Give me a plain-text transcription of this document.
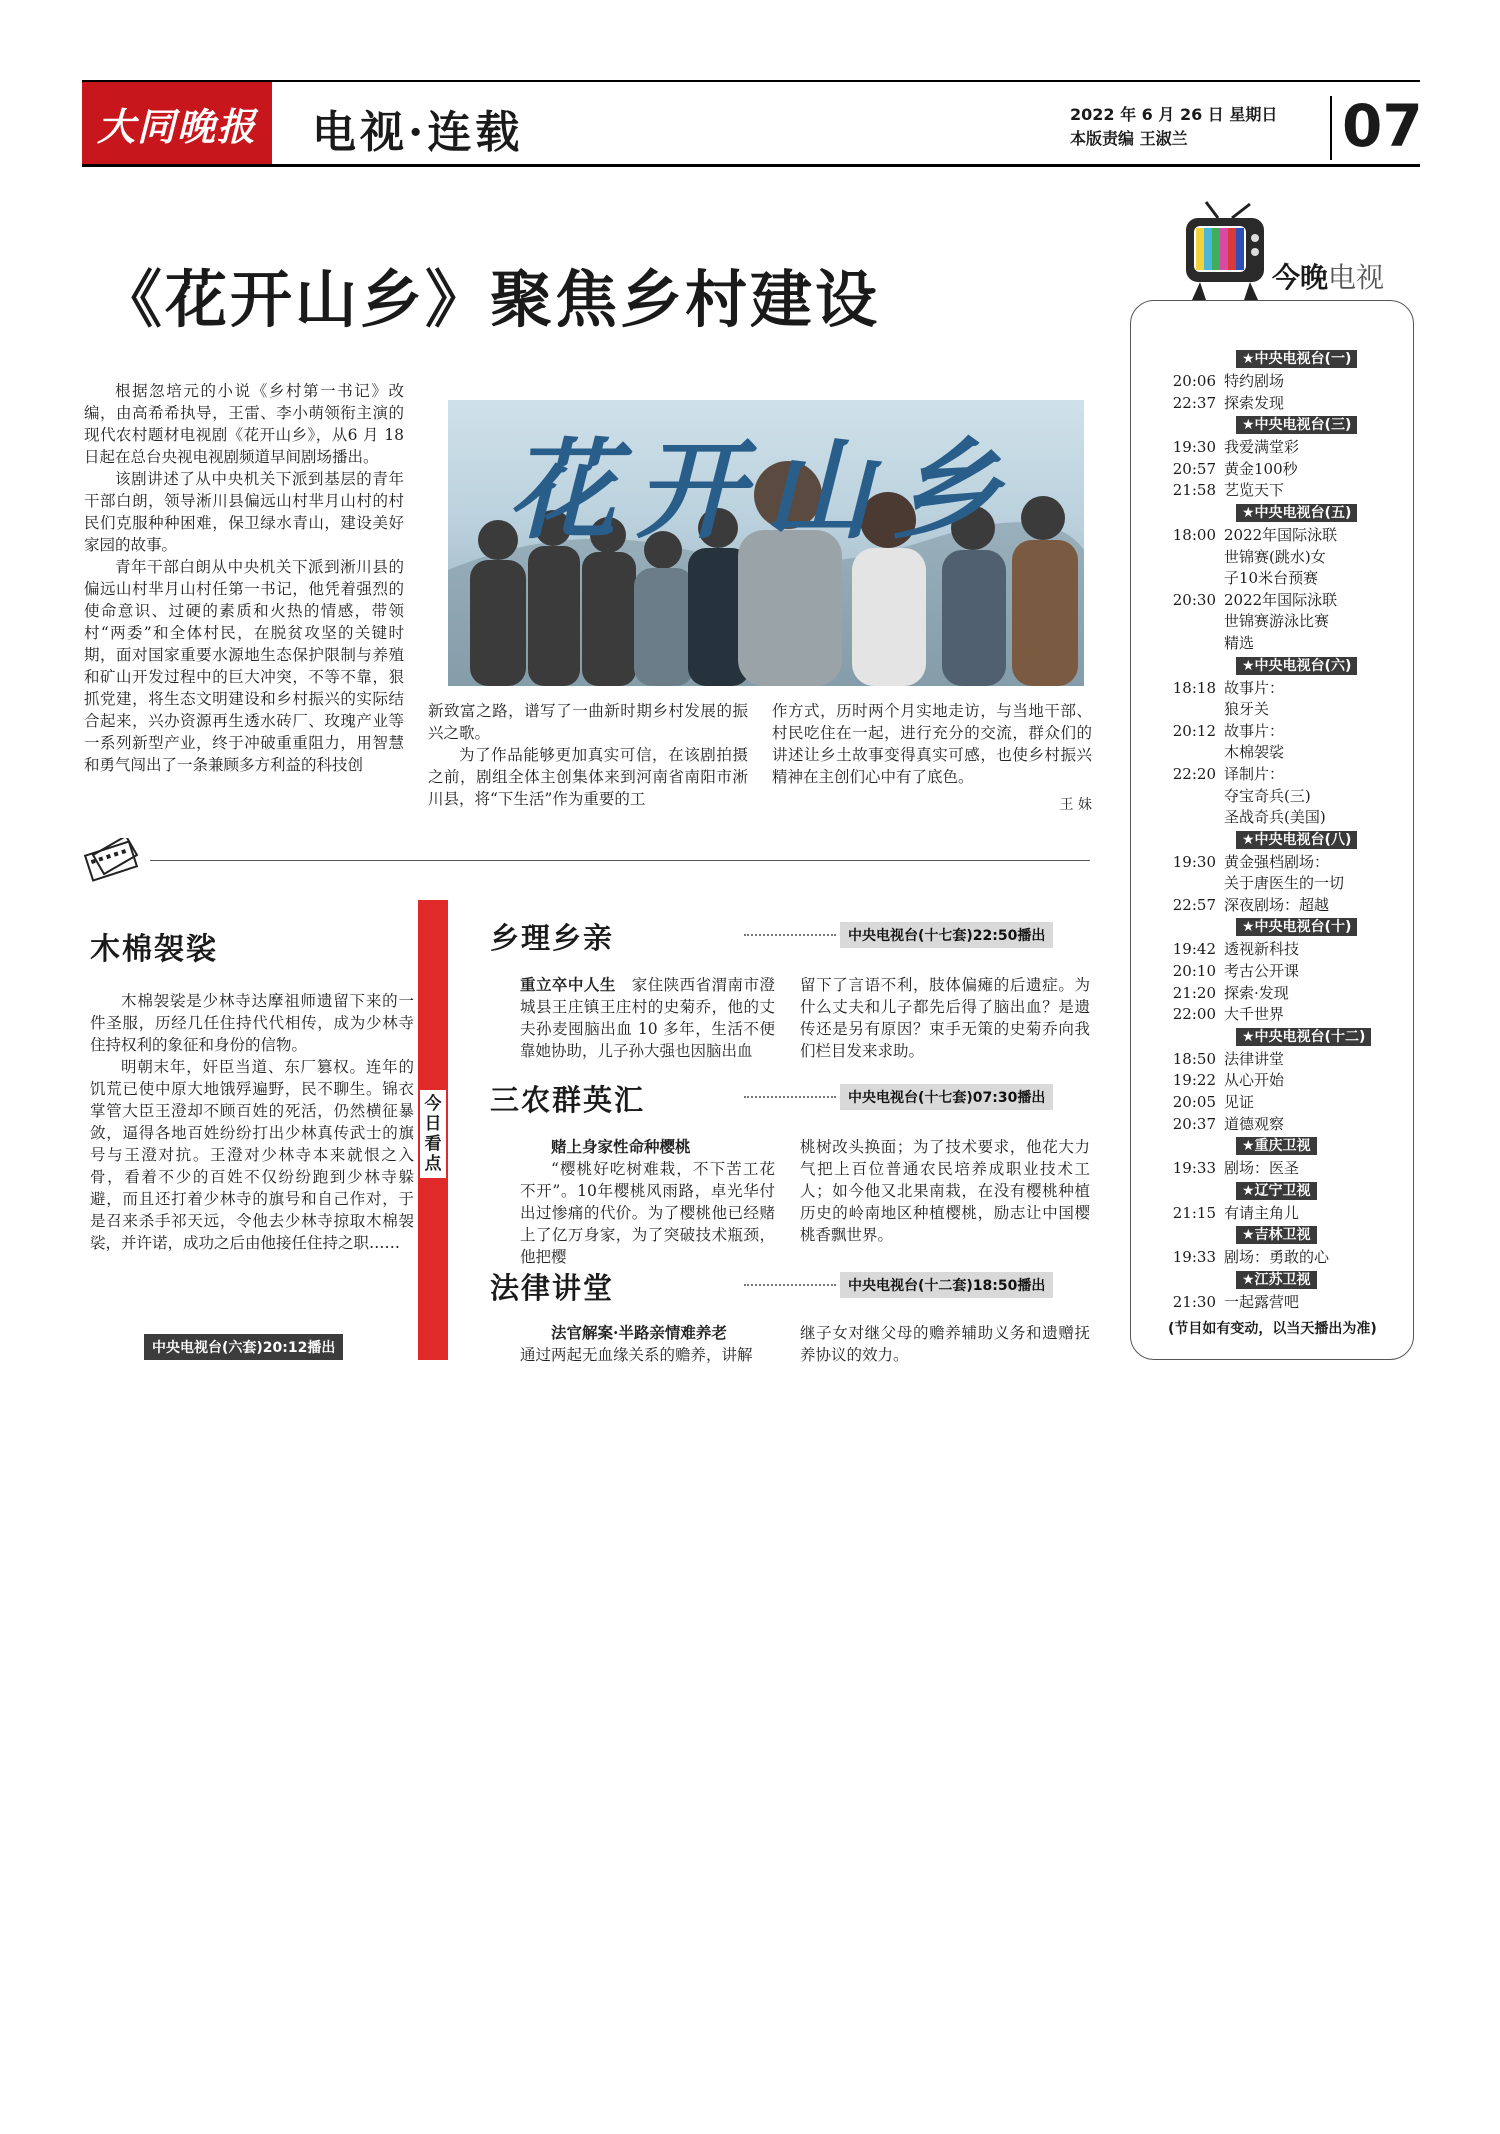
大同晚报 电视·连载	2022 年 6 月 26 日 星期日
本版责编 王淑兰	07
《花开山乡》聚焦乡村建设

根据忽培元的小说《乡村第一书记》改编，由高希希执导，王雷、李小萌领衔主演的现代农村题材电视剧《花开山乡》，从6 月 18 日起在总台央视电视剧频道早间剧场播出。

该剧讲述了从中央机关下派到基层的青年干部白朗，领导淅川县偏远山村芈月山村的村民们克服种种困难，保卫绿水青山，建设美好家园的故事。

青年干部白朗从中央机关下派到淅川县的偏远山村芈月山村任第一书记，他凭着强烈的使命意识、过硬的素质和火热的情感，带领村“两委”和全体村民，在脱贫攻坚的关键时期，面对国家重要水源地生态保护限制与养殖和矿山开发过程中的巨大冲突，不等不靠，狠抓党建，将生态文明建设和乡村振兴的实际结合起来，兴办资源再生透水砖厂、玫瑰产业等一系列新型产业，终于冲破重重阻力，用智慧和勇气闯出了一条兼顾多方利益的科技创

花开山乡

新致富之路，谱写了一曲新时期乡村发展的振兴之歌。

为了作品能够更加真实可信，在该剧拍摄之前，剧组全体主创集体来到河南省南阳市淅川县，将“下生活”作为重要的工

作方式，历时两个月实地走访，与当地干部、村民吃住在一起，进行充分的交流，群众们的讲述让乡土故事变得真实可感，也使乡村振兴精神在主创们心中有了底色。

王 妹
木棉袈裟

木棉袈裟是少林寺达摩祖师遗留下来的一件圣服，历经几任住持代代相传，成为少林寺住持权利的象征和身份的信物。

明朝末年，奸臣当道、东厂篡权。连年的饥荒已使中原大地饿殍遍野，民不聊生。锦衣掌管大臣王澄却不顾百姓的死活，仍然横征暴敛，逼得各地百姓纷纷打出少林真传武士的旗号与王澄对抗。王澄对少林寺本来就恨之入骨，看着不少的百姓不仅纷纷跑到少林寺躲避，而且还打着少林寺的旗号和自己作对，于是召来杀手祁天远，令他去少林寺掠取木棉袈裟，并许诺，成功之后由他接任住持之职……

中央电视台(六套)20:12播出
今日看点
乡理乡亲	中央电视台(十七套)22:50播出

重立卒中人生　 家住陕西省渭南市澄城县王庄镇王庄村的史菊乔，他的丈夫孙麦囤脑出血 10 多年，生活不便靠她协助，儿子孙大强也因脑出血

留下了言语不利，肢体偏瘫的后遗症。为什么丈夫和儿子都先后得了脑出血？是遗传还是另有原因？束手无策的史菊乔向我们栏目发来求助。

三农群英汇	中央电视台(十七套)07:30播出

赌上身家性命种樱桃

“樱桃好吃树难栽，不下苦工花不开”。10年樱桃风雨路，卓光华付出过惨痛的代价。为了樱桃他已经赌上了亿万身家，为了突破技术瓶颈，他把樱

桃树改头换面；为了技术要求，他花大力气把上百位普通农民培养成职业技术工人；如今他又北果南栽，在没有樱桃种植历史的岭南地区种植樱桃，励志让中国樱桃香飘世界。

法律讲堂	中央电视台(十二套)18:50播出

法官解案·半路亲情难养老

通过两起无血缘关系的赡养，讲解

继子女对继父母的赡养辅助义务和遗赠抚养协议的效力。

今晚电视
★中央电视台(一)
20:06 特约剧场
22:37 探索发现
★中央电视台(三)
19:30 我爱满堂彩
20:57 黄金100秒
21:58 艺览天下
★中央电视台(五)
18:00 2022年国际泳联
世锦赛(跳水)女
子10米台预赛
20:30 2022年国际泳联
世锦赛游泳比赛
精选
★中央电视台(六)
18:18 故事片：
狼牙关
20:12 故事片：
木棉袈裟
22:20 译制片：
夺宝奇兵(三)
圣战奇兵(美国)
★中央电视台(八)
19:30 黄金强档剧场：
关于唐医生的一切
22:57 深夜剧场：超越
★中央电视台(十)
19:42 透视新科技
20:10 考古公开课
21:20 探索·发现
22:00 大千世界
★中央电视台(十二)
18:50 法律讲堂
19:22 从心开始
20:05 见证
20:37 道德观察
★重庆卫视
19:33 剧场：医圣
★辽宁卫视
21:15 有请主角儿
★吉林卫视
19:33 剧场：勇敢的心
★江苏卫视
21:30 一起露营吧
(节目如有变动，以当天播出为准)
